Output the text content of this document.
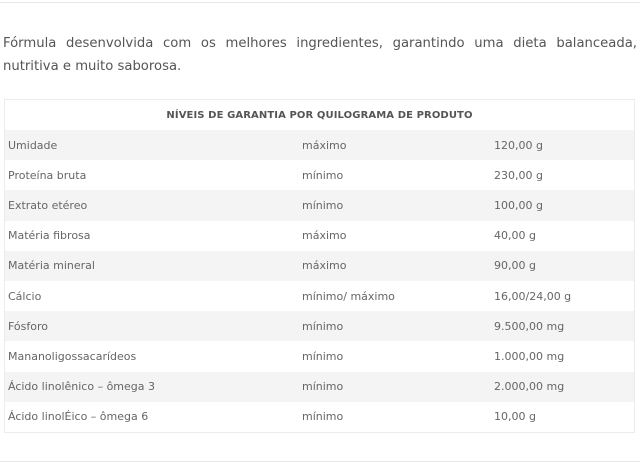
Fórmula desenvolvida com os melhores ingredientes, garantindo uma dieta balanceada, nutritiva e muito saborosa.

NÍVEIS DE GARANTIA POR QUILOGRAMA DE PRODUTO
Umidade	máximo	120,00 g
Proteína bruta	mínimo	230,00 g
Extrato etéreo	mínimo	100,00 g
Matéria fibrosa	máximo	40,00 g
Matéria mineral	máximo	90,00 g
Cálcio	mínimo/ máximo	16,00/24,00 g
Fósforo	mínimo	9.500,00 mg
Mananoligossacarídeos	mínimo	1.000,00 mg
Ácido linolênico – ômega 3	mínimo	2.000,00 mg
Ácido linolÉico – ômega 6	mínimo	10,00 g
